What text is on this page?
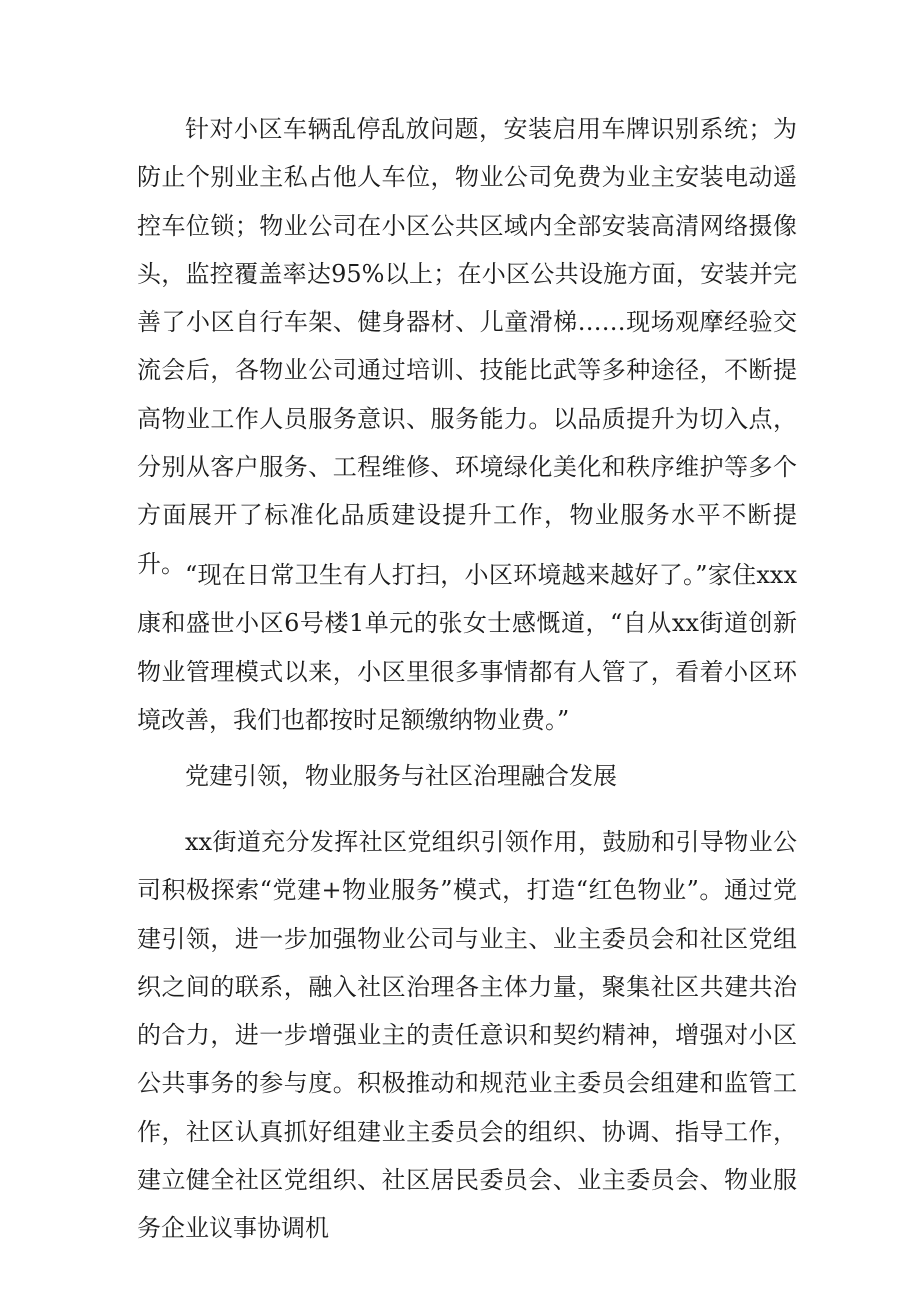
针对小区车辆乱停乱放问题，安装启用车牌识别系统；为防止个别业主私占他人车位，物业公司免费为业主安装电动遥控车位锁；物业公司在小区公共区域内全部安装高清网络摄像头，监控覆盖率达95%以上；在小区公共设施方面，安装并完善了小区自行车架、健身器材、儿童滑梯……现场观摩经验交流会后，各物业公司通过培训、技能比武等多种途径，不断提高物业工作人员服务意识、服务能力。以品质提升为切入点，分别从客户服务、工程维修、环境绿化美化和秩序维护等多个方面展开了标准化品质建设提升工作，物业服务水平不断提升。 “现在日常卫生有人打扫，小区环境越来越好了。”家住xxx康和盛世小区6号楼1单元的张女士感慨道，“自从xx街道创新物业管理模式以来，小区里很多事情都有人管了，看着小区环境改善，我们也都按时足额缴纳物业费。”

党建引领，物业服务与社区治理融合发展

xx街道充分发挥社区党组织引领作用，鼓励和引导物业公司积极探索“党建+物业服务”模式，打造“红色物业”。通过党建引领，进一步加强物业公司与业主、业主委员会和社区党组织之间的联系，融入社区治理各主体力量，聚集社区共建共治的合力，进一步增强业主的责任意识和契约精神，增强对小区公共事务的参与度。积极推动和规范业主委员会组建和监管工作，社区认真抓好组建业主委员会的组织、协调、指导工作，建立健全社区党组织、社区居民委员会、业主委员会、物业服务企业议事协调机
